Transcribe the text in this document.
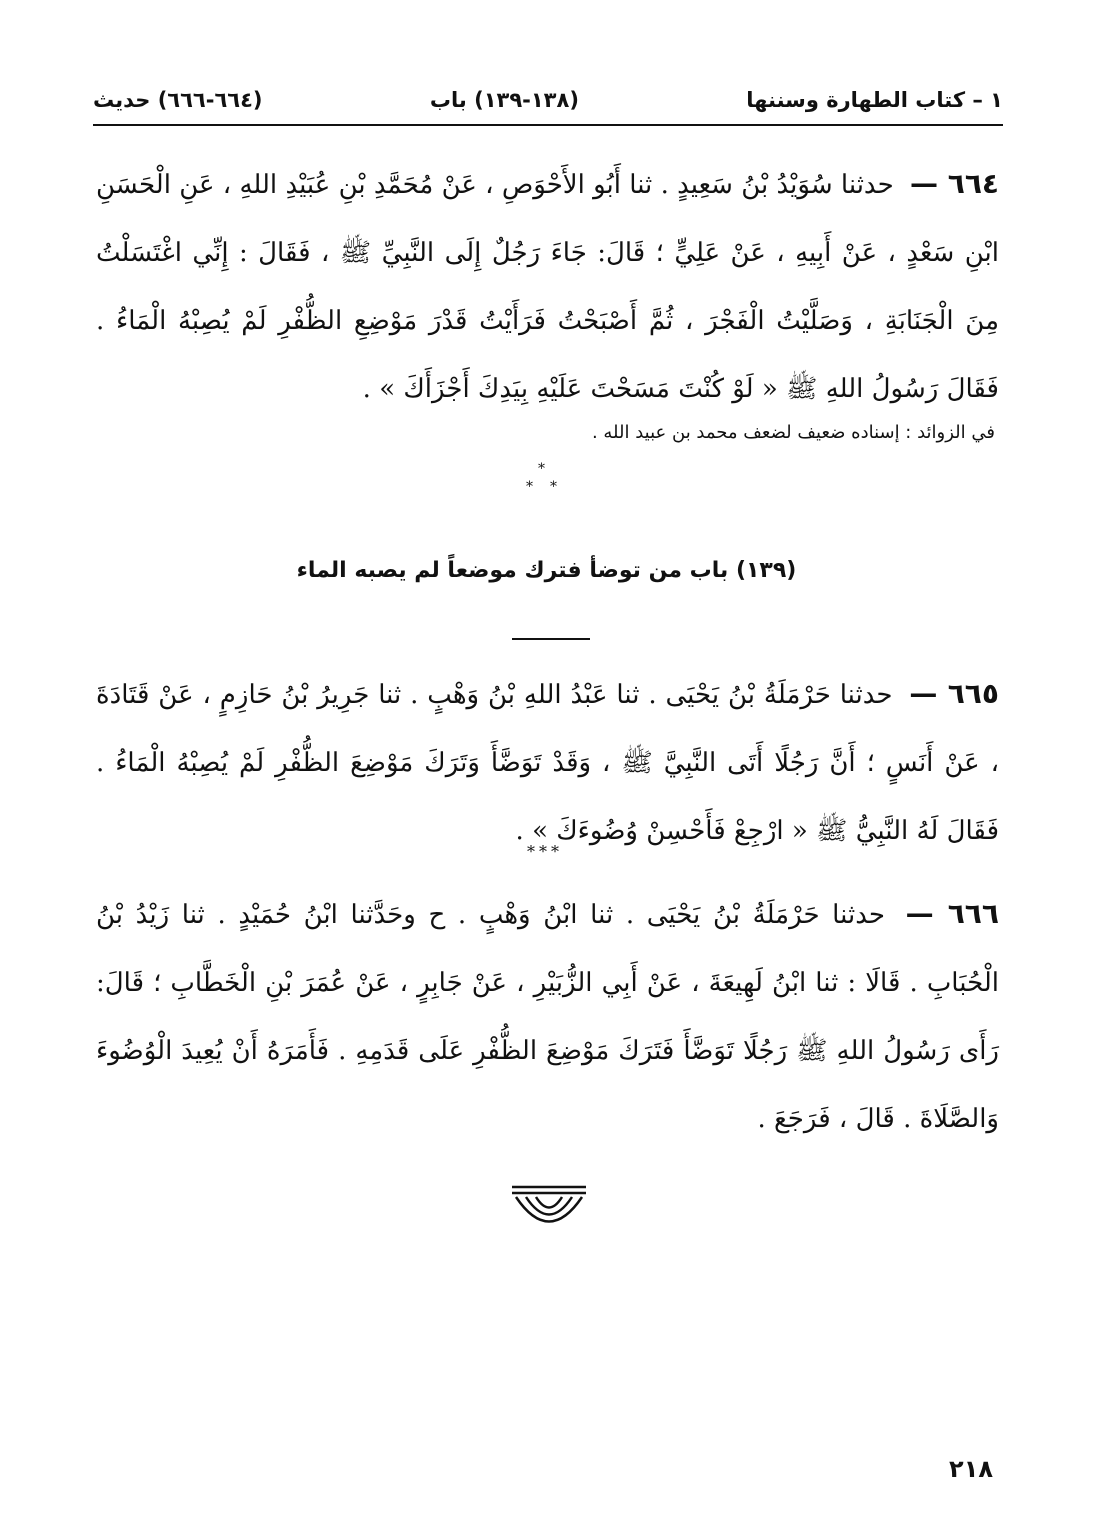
١ – كتاب الطهارة وسننها
(١٣٨-١٣٩) باب
(٦٦٤-٦٦٦) حديث
٦٦٤ — حدثنا سُوَيْدُ بْنُ سَعِيدٍ . ثنا أَبُو الأَحْوَصِ ، عَنْ مُحَمَّدِ بْنِ عُبَيْدِ اللهِ ، عَنِ الْحَسَنِ ابْنِ سَعْدٍ ، عَنْ أَبِيهِ ، عَنْ عَلِيٍّ ؛ قَالَ: جَاءَ رَجُلٌ إِلَى النَّبِيِّ ﷺ ، فَقَالَ : إِنِّي اغْتَسَلْتُ مِنَ الْجَنَابَةِ ، وَصَلَّيْتُ الْفَجْرَ ، ثُمَّ أَصْبَحْتُ فَرَأَيْتُ قَدْرَ مَوْضِعِ الظُّفْرِ لَمْ يُصِبْهُ الْمَاءُ . فَقَالَ رَسُولُ اللهِ ﷺ « لَوْ كُنْتَ مَسَحْتَ عَلَيْهِ بِيَدِكَ أَجْزَأَكَ » .
في الزوائد : إسناده ضعيف لضعف محمد بن عبيد الله .
*
* *
(١٣٩) باب من توضأ فترك موضعاً لم يصبه الماء
٦٦٥ — حدثنا حَرْمَلَةُ بْنُ يَحْيَى . ثنا عَبْدُ اللهِ بْنُ وَهْبٍ . ثنا جَرِيرُ بْنُ حَازِمٍ ، عَنْ قَتَادَةَ ، عَنْ أَنَسٍ ؛ أَنَّ رَجُلًا أَتَى النَّبِيَّ ﷺ ، وَقَدْ تَوَضَّأَ وَتَرَكَ مَوْضِعَ الظُّفْرِ لَمْ يُصِبْهُ الْمَاءُ . فَقَالَ لَهُ النَّبِيُّ ﷺ « ارْجِعْ فَأَحْسِنْ وُضُوءَكَ » .
***
٦٦٦ — حدثنا حَرْمَلَةُ بْنُ يَحْيَى . ثنا ابْنُ وَهْبٍ . ح وحَدَّثنا ابْنُ حُمَيْدٍ . ثنا زَيْدُ بْنُ الْحُبَابِ . قَالَا : ثنا ابْنُ لَهِيعَةَ ، عَنْ أَبِي الزُّبَيْرِ ، عَنْ جَابِرٍ ، عَنْ عُمَرَ بْنِ الْخَطَّابِ ؛ قَالَ: رَأَى رَسُولُ اللهِ ﷺ رَجُلًا تَوَضَّأَ فَتَرَكَ مَوْضِعَ الظُّفْرِ عَلَى قَدَمِهِ . فَأَمَرَهُ أَنْ يُعِيدَ الْوُضُوءَ وَالصَّلَاةَ . قَالَ ، فَرَجَعَ .
٢١٨
